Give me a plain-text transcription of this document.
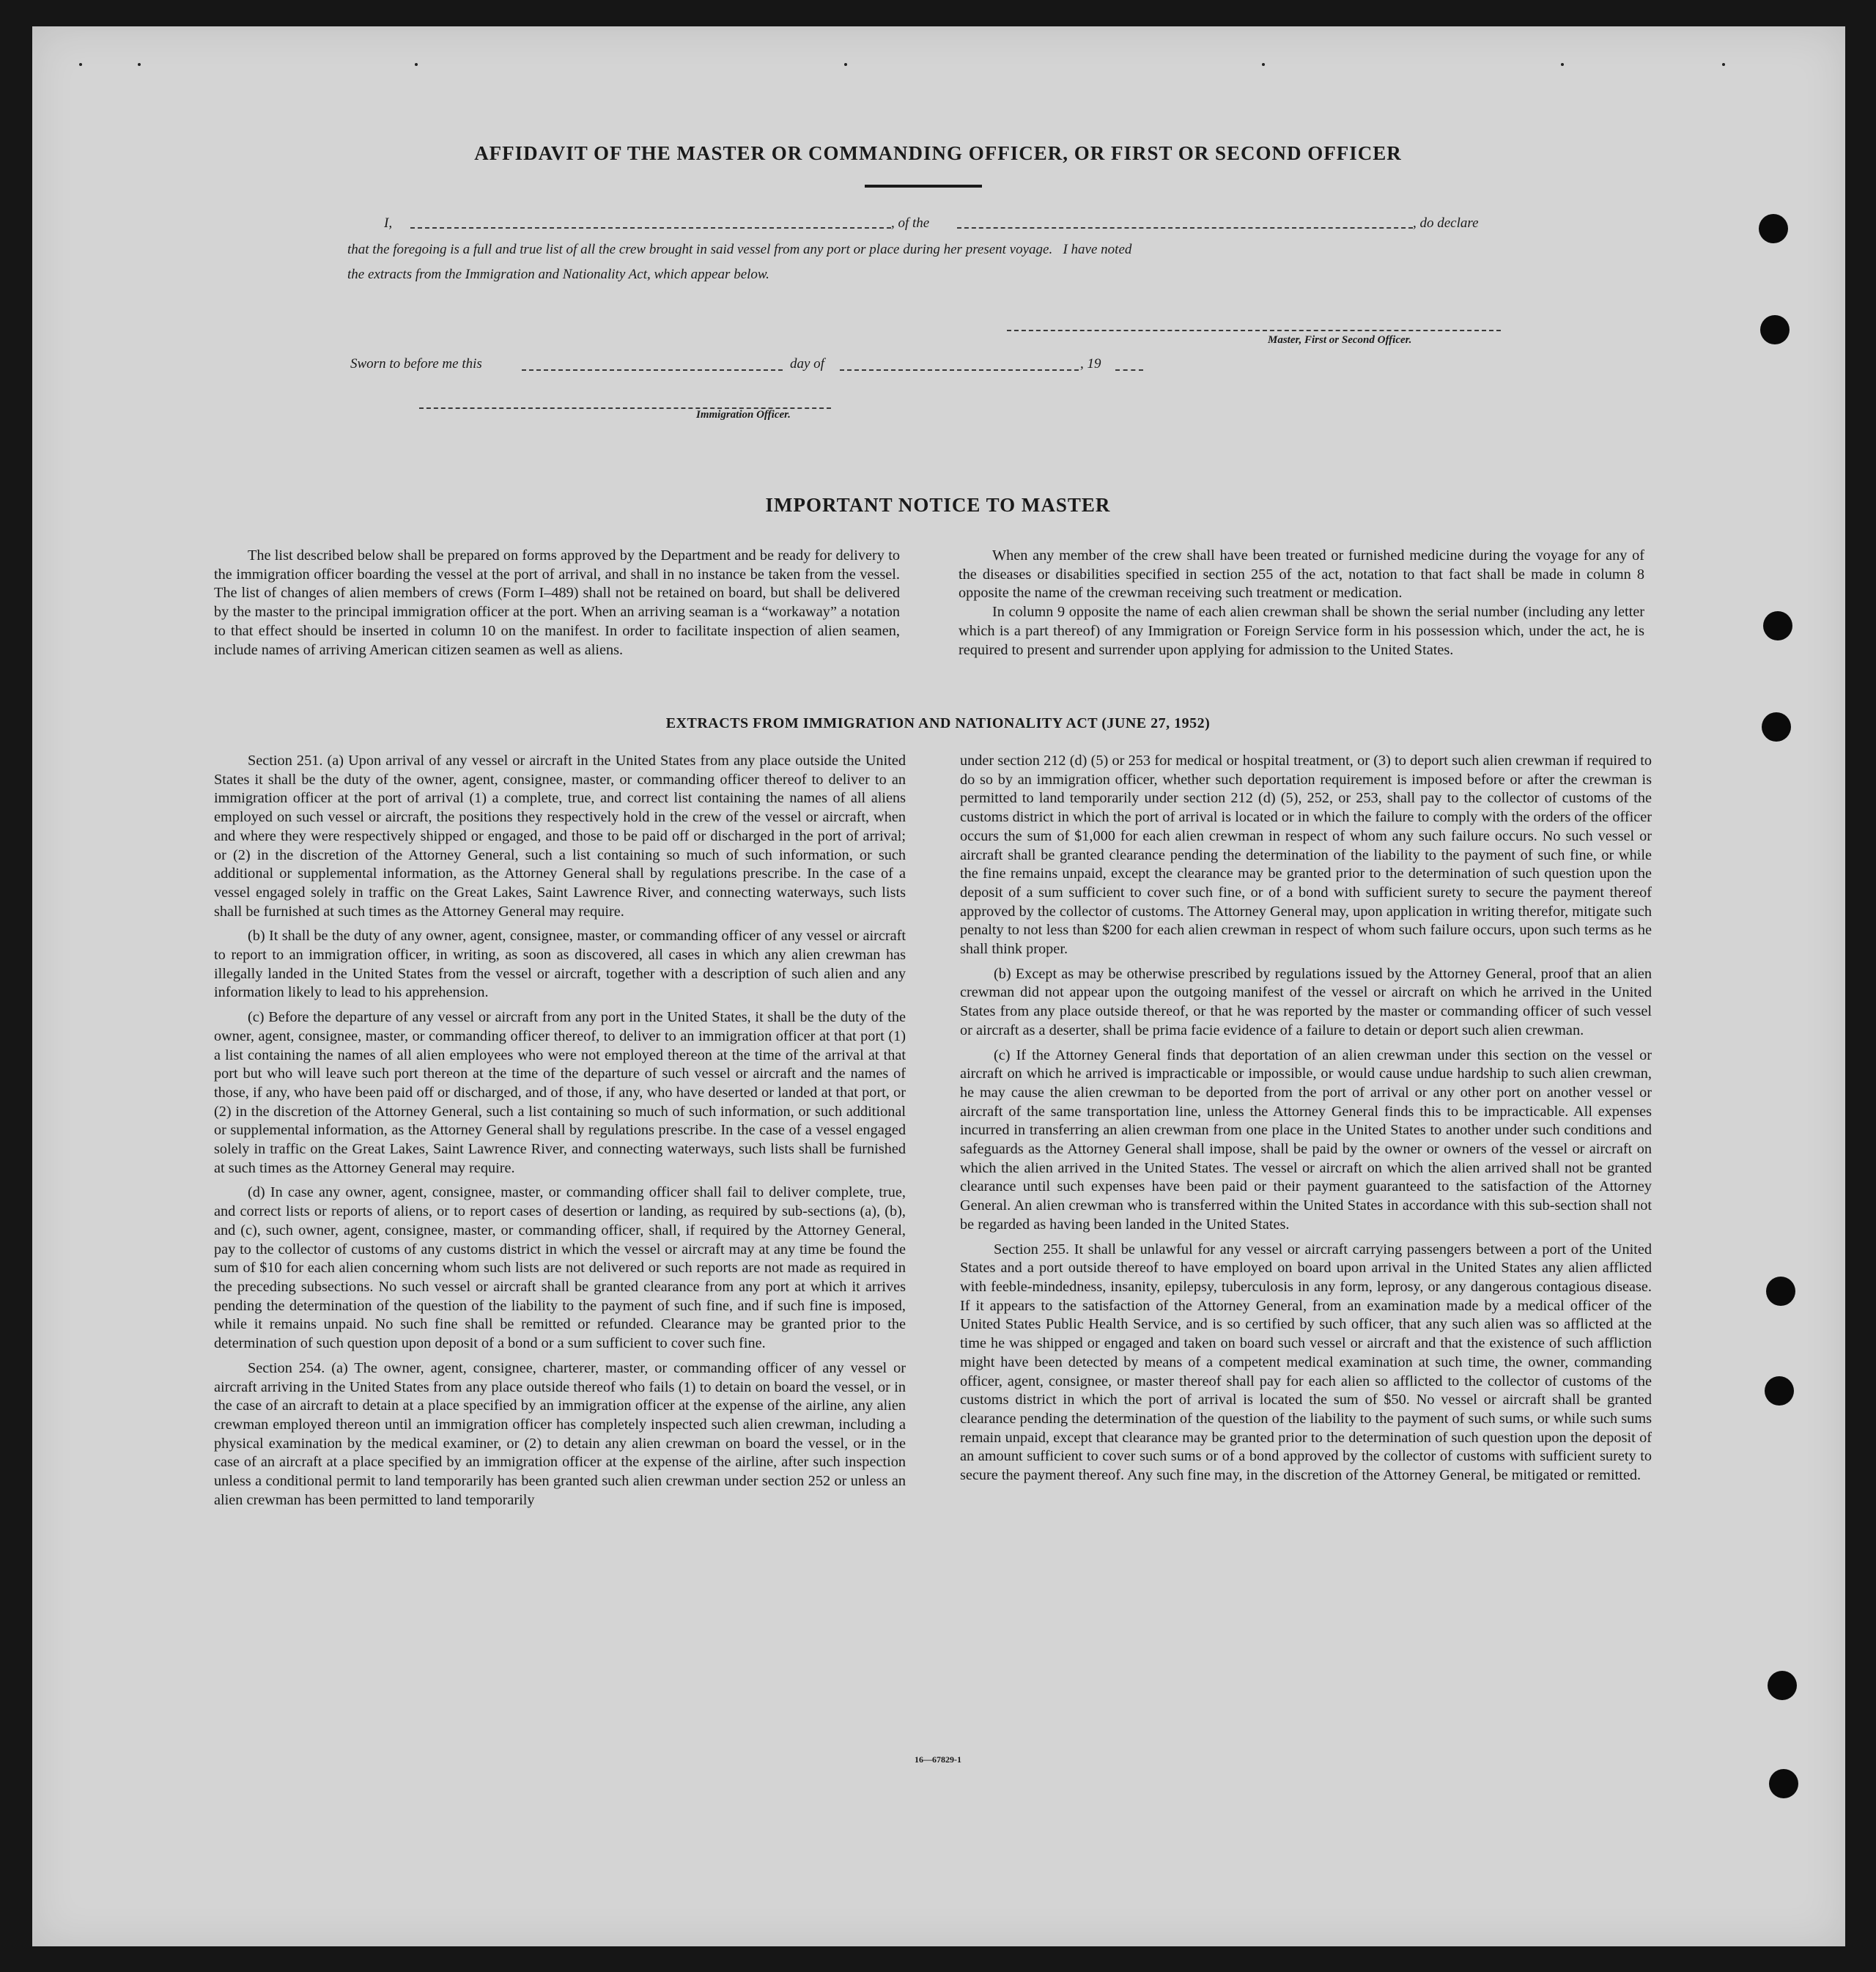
AFFIDAVIT OF THE MASTER OR COMMANDING OFFICER, OR FIRST OR SECOND OFFICER
I,	, of the	, do declare
that the foregoing is a full and true list of all the crew brought in said vessel from any port or place during her present voyage.   I have noted
the extracts from the Immigration and Nationality Act, which appear below.
Master, First or Second Officer.
Sworn to before me this	day of	, 19
Immigration Officer.
IMPORTANT NOTICE TO MASTER

The list described below shall be prepared on forms approved by the Department and be ready for delivery to the immigration officer boarding the vessel at the port of arrival, and shall in no instance be taken from the vessel. The list of changes of alien members of crews (Form I–489) shall not be retained on board, but shall be delivered by the master to the principal immigration officer at the port. When an arriving seaman is a “workaway” a notation to that effect should be inserted in column 10 on the manifest. In order to facilitate inspection of alien seamen, include names of arriving American citizen seamen as well as aliens.

When any member of the crew shall have been treated or furnished medicine during the voyage for any of the diseases or disabilities specified in section 255 of the act, notation to that fact shall be made in column 8 opposite the name of the crewman receiving such treatment or medication.

In column 9 opposite the name of each alien crewman shall be shown the serial number (including any letter which is a part thereof) of any Immigration or Foreign Service form in his possession which, under the act, he is required to present and surrender upon applying for admission to the United States.

EXTRACTS FROM IMMIGRATION AND NATIONALITY ACT (JUNE 27, 1952)

Section 251. (a) Upon arrival of any vessel or aircraft in the United States from any place outside the United States it shall be the duty of the owner, agent, consignee, master, or commanding officer thereof to deliver to an immigration officer at the port of arrival (1) a complete, true, and correct list containing the names of all aliens employed on such vessel or aircraft, the positions they respectively hold in the crew of the vessel or aircraft, when and where they were respectively shipped or engaged, and those to be paid off or discharged in the port of arrival; or (2) in the discretion of the Attorney General, such a list containing so much of such information, or such additional or supplemental information, as the Attorney General shall by regulations prescribe. In the case of a vessel engaged solely in traffic on the Great Lakes, Saint Lawrence River, and connecting waterways, such lists shall be furnished at such times as the Attorney General may require.

(b) It shall be the duty of any owner, agent, consignee, master, or commanding officer of any vessel or aircraft to report to an immigration officer, in writing, as soon as discovered, all cases in which any alien crewman has illegally landed in the United States from the vessel or aircraft, together with a description of such alien and any information likely to lead to his apprehension.

(c) Before the departure of any vessel or aircraft from any port in the United States, it shall be the duty of the owner, agent, consignee, master, or commanding officer thereof, to deliver to an immigration officer at that port (1) a list containing the names of all alien employees who were not employed thereon at the time of the arrival at that port but who will leave such port thereon at the time of the departure of such vessel or aircraft and the names of those, if any, who have been paid off or discharged, and of those, if any, who have deserted or landed at that port, or (2) in the discretion of the Attorney General, such a list containing so much of such information, or such additional or supplemental information, as the Attorney General shall by regulations prescribe. In the case of a vessel engaged solely in traffic on the Great Lakes, Saint Lawrence River, and connecting waterways, such lists shall be furnished at such times as the Attorney General may require.

(d) In case any owner, agent, consignee, master, or commanding officer shall fail to deliver complete, true, and correct lists or reports of aliens, or to report cases of desertion or landing, as required by sub-sections (a), (b), and (c), such owner, agent, consignee, master, or commanding officer, shall, if required by the Attorney General, pay to the collector of customs of any customs district in which the vessel or aircraft may at any time be found the sum of $10 for each alien concerning whom such lists are not delivered or such reports are not made as required in the preceding subsections. No such vessel or aircraft shall be granted clearance from any port at which it arrives pending the determination of the question of the liability to the payment of such fine, and if such fine is imposed, while it remains unpaid. No such fine shall be remitted or refunded. Clearance may be granted prior to the determination of such question upon deposit of a bond or a sum sufficient to cover such fine.

Section 254. (a) The owner, agent, consignee, charterer, master, or commanding officer of any vessel or aircraft arriving in the United States from any place outside thereof who fails (1) to detain on board the vessel, or in the case of an aircraft to detain at a place specified by an immigration officer at the expense of the airline, any alien crewman employed thereon until an immigration officer has completely inspected such alien crewman, including a physical examination by the medical examiner, or (2) to detain any alien crewman on board the vessel, or in the case of an aircraft at a place specified by an immigration officer at the expense of the airline, after such inspection unless a conditional permit to land temporarily has been granted such alien crewman under section 252 or unless an alien crewman has been permitted to land temporarily

under section 212 (d) (5) or 253 for medical or hospital treatment, or (3) to deport such alien crewman if required to do so by an immigration officer, whether such deportation requirement is imposed before or after the crewman is permitted to land temporarily under section 212 (d) (5), 252, or 253, shall pay to the collector of customs of the customs district in which the port of arrival is located or in which the failure to comply with the orders of the officer occurs the sum of $1,000 for each alien crewman in respect of whom any such failure occurs. No such vessel or aircraft shall be granted clearance pending the determination of the liability to the payment of such fine, or while the fine remains unpaid, except the clearance may be granted prior to the determination of such question upon the deposit of a sum sufficient to cover such fine, or of a bond with sufficient surety to secure the payment thereof approved by the collector of customs. The Attorney General may, upon application in writing therefor, mitigate such penalty to not less than $200 for each alien crewman in respect of whom such failure occurs, upon such terms as he shall think proper.

(b) Except as may be otherwise prescribed by regulations issued by the Attorney General, proof that an alien crewman did not appear upon the outgoing manifest of the vessel or aircraft on which he arrived in the United States from any place outside thereof, or that he was reported by the master or commanding officer of such vessel or aircraft as a deserter, shall be prima facie evidence of a failure to detain or deport such alien crewman.

(c) If the Attorney General finds that deportation of an alien crewman under this section on the vessel or aircraft on which he arrived is impracticable or impossible, or would cause undue hardship to such alien crewman, he may cause the alien crewman to be deported from the port of arrival or any other port on another vessel or aircraft of the same transportation line, unless the Attorney General finds this to be impracticable. All expenses incurred in transferring an alien crewman from one place in the United States to another under such conditions and safeguards as the Attorney General shall impose, shall be paid by the owner or owners of the vessel or aircraft on which the alien arrived in the United States. The vessel or aircraft on which the alien arrived shall not be granted clearance until such expenses have been paid or their payment guaranteed to the satisfaction of the Attorney General. An alien crewman who is transferred within the United States in accordance with this sub-section shall not be regarded as having been landed in the United States.

Section 255. It shall be unlawful for any vessel or aircraft carrying passengers between a port of the United States and a port outside thereof to have employed on board upon arrival in the United States any alien afflicted with feeble-mindedness, insanity, epilepsy, tuberculosis in any form, leprosy, or any dangerous contagious disease. If it appears to the satisfaction of the Attorney General, from an examination made by a medical officer of the United States Public Health Service, and is so certified by such officer, that any such alien was so afflicted at the time he was shipped or engaged and taken on board such vessel or aircraft and that the existence of such affliction might have been detected by means of a competent medical examination at such time, the owner, commanding officer, agent, consignee, or master thereof shall pay for each alien so afflicted to the collector of customs of the customs district in which the port of arrival is located the sum of $50. No vessel or aircraft shall be granted clearance pending the determination of the question of the liability to the payment of such sums, or while such sums remain unpaid, except that clearance may be granted prior to the determination of such question upon the deposit of an amount sufficient to cover such sums or of a bond approved by the collector of customs with sufficient surety to secure the payment thereof. Any such fine may, in the discretion of the Attorney General, be mitigated or remitted.

16—67829-1
